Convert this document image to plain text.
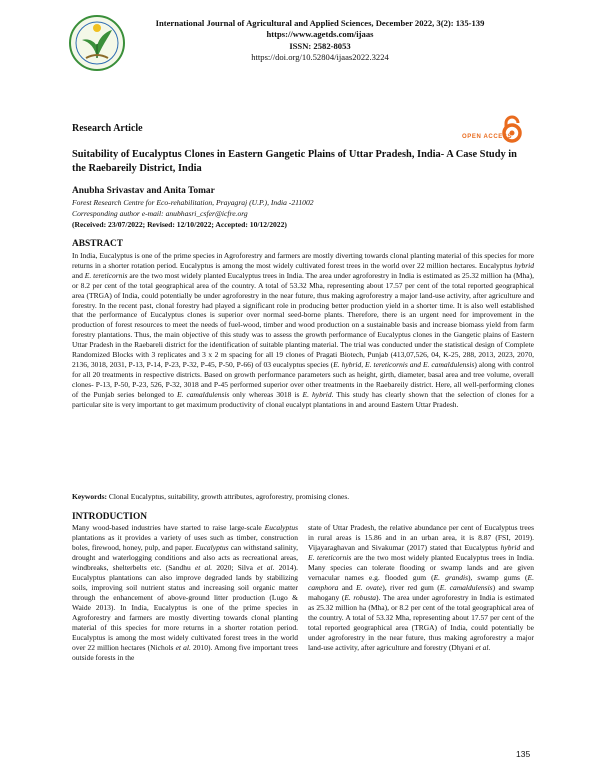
International Journal of Agricultural and Applied Sciences, December 2022, 3(2): 135-139
https://www.agetds.com/ijaas
ISSN: 2582-8053
https://doi.org/10.52804/ijaas2022.3224
Research Article
OPEN ACCESS
Suitability of Eucalyptus Clones in Eastern Gangetic Plains of Uttar Pradesh, India- A Case Study in the Raebareily District, India
Anubha Srivastav and Anita Tomar
Forest Research Centre for Eco-rehabilitation, Prayagraj (U.P.), India -211002
Corresponding author e-mail: anubhasri_csfer@icfre.org
(Received: 23/07/2022; Revised: 12/10/2022; Accepted: 10/12/2022)
ABSTRACT
In India, Eucalyptus is one of the prime species in Agroforestry and farmers are mostly diverting towards clonal planting material of this species for more returns in a shorter rotation period. Eucalyptus is among the most widely cultivated forest trees in the world over 22 million hectares. Eucalyptus hybrid and E. tereticornis are the two most widely planted Eucalyptus trees in India. The area under agroforestry in India is estimated as 25.32 million ha (Mha), or 8.2 per cent of the total geographical area of the country. A total of 53.32 Mha, representing about 17.57 per cent of the total reported geographical area (TRGA) of India, could potentially be under agroforestry in the near future, thus making agroforestry a major land-use activity, after agriculture and forestry. In the recent past, clonal forestry had played a significant role in producing better production yield in a shorter time. It is also well established that the performance of Eucalyptus clones is superior over normal seed-borne plants. Therefore, there is an urgent need for improvement in the production of forest resources to meet the needs of fuel-wood, timber and wood production on a sustainable basis and increase biomass yield from farm forestry plantations. Thus, the main objective of this study was to assess the growth performance of Eucalyptus clones in the Gangetic plains of Eastern Uttar Pradesh in the Raebareli district for the identification of suitable planting material. The trial was conducted under the statistical design of Complete Randomized Blocks with 3 replicates and 3 x 2 m spacing for all 19 clones of Pragati Biotech, Punjab (413,07,526, 04, K-25, 288, 2013, 2023, 2070, 2136, 3018, 2031, P-13, P-14, P-23, P-32, P-45, P-50, P-66) of 03 eucalyptus species (E. hybrid, E. tereticornis and E. camaldulensis) along with control for all 20 treatments in respective districts. Based on growth performance parameters such as height, girth, diameter, basal area and tree volume, overall clones- P-13, P-50, P-23, 526, P-32, 3018 and P-45 performed superior over other treatments in the Raebareily district. Here, all well-performing clones of the Punjab series belonged to E. camaldulensis only whereas 3018 is E. hybrid. This study has clearly shown that the selection of clones for a particular site is very important to get maximum productivity of clonal eucalypt plantations in and around Eastern Uttar Pradesh.
Keywords: Clonal Eucalyptus, suitability, growth attributes, agroforestry, promising clones.
INTRODUCTION
Many wood-based industries have started to raise large-scale Eucalyptus plantations as it provides a variety of uses such as timber, construction boles, firewood, honey, pulp, and paper. Eucalyptus can withstand salinity, drought and waterlogging conditions and also acts as recreational areas, windbreaks, shelterbelts etc. (Sandhu et al. 2020; Silva et al. 2014). Eucalyptus plantations can also improve degraded lands by stabilizing soils, improving soil nutrient status and increasing soil organic matter through the enhancement of above-ground litter production (Lugo & Waide 2013). In India, Eucalyptus is one of the prime species in Agroforestry and farmers are mostly diverting towards clonal planting material of this species for more returns in a shorter rotation period. Eucalyptus is among the most widely cultivated forest trees in the world over 22 million hectares (Nichols et al. 2010). Among five important trees outside forests in the
state of Uttar Pradesh, the relative abundance per cent of Eucalyptus trees in rural areas is 15.86 and in an urban area, it is 8.87 (FSI, 2019). Vijayaraghavan and Sivakumar (2017) stated that Eucalyptus hybrid and E. tereticornis are the two most widely planted Eucalyptus trees in India. Many species can tolerate flooding or swamp lands and are given vernacular names e.g. flooded gum (E. grandis), swamp gums (E. camphora and E. ovate), river red gum (E. camaldulensis) and swamp mahogany (E. robusta). The area under agroforestry in India is estimated as 25.32 million ha (Mha), or 8.2 per cent of the total geographical area of the country. A total of 53.32 Mha, representing about 17.57 per cent of the total reported geographical area (TRGA) of India, could potentially be under agroforestry in the near future, thus making agroforestry a major land-use activity, after agriculture and forestry (Dhyani et al.
135
